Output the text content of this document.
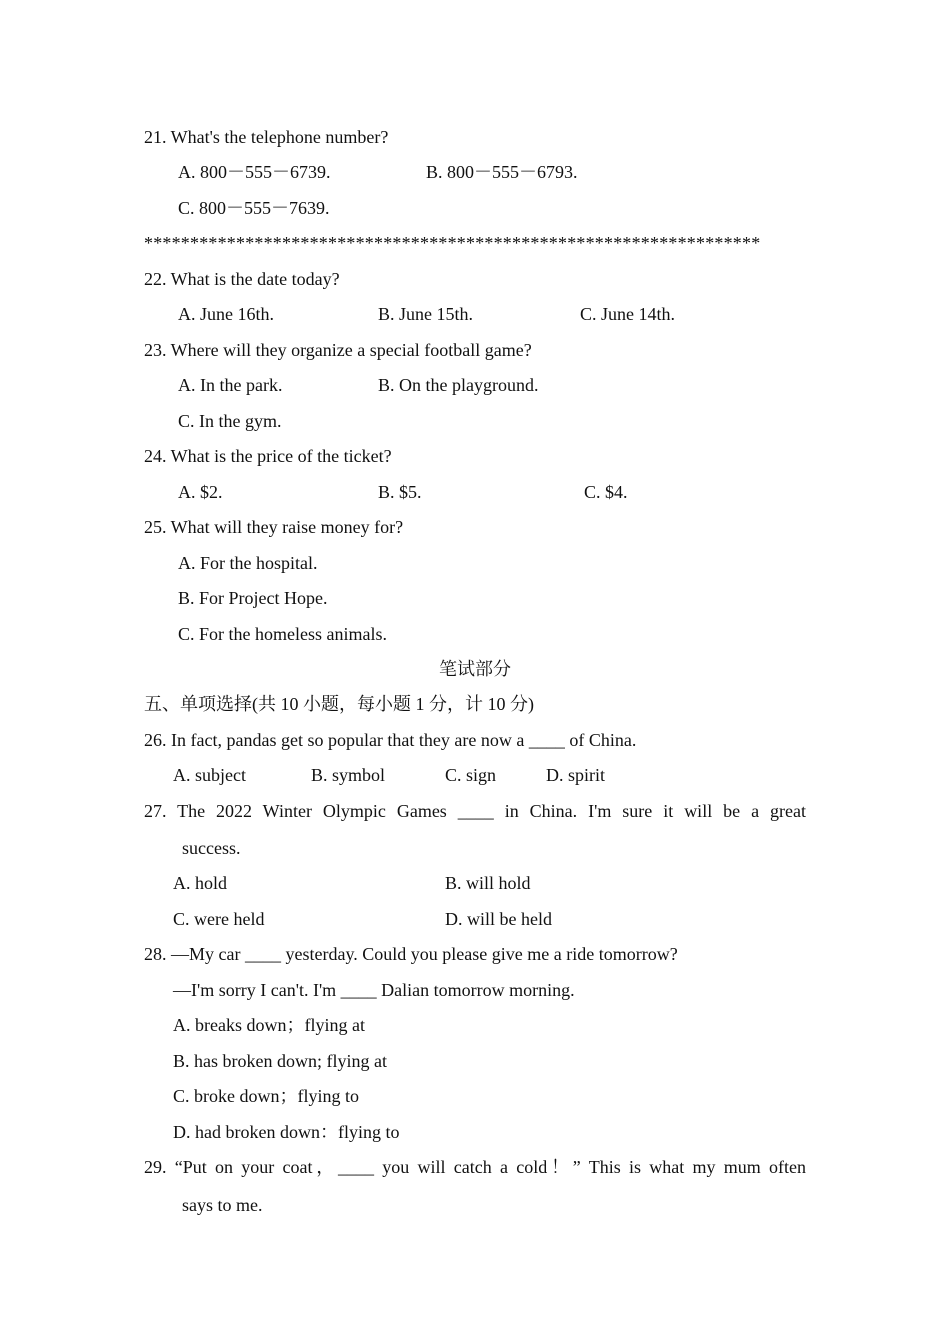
21. What's the telephone number?
A. 800－555－6739.	B. 800－555－6793.
C. 800－555－7639.
*******************************************************************
22. What is the date today?
A. June 16th.	B. June 15th.	C. June 14th.
23. Where will they organize a special football game?
A. In the park.	B. On the playground.
C. In the gym.
24. What is the price of the ticket?
A. $2.	B. $5.	C. $4.
25. What will they raise money for?
A. For the hospital.
B. For Project Hope.
C. For the homeless animals.
笔试部分
五、单项选择(共 10 小题，每小题 1 分，计 10 分)
26. In fact, pandas get so popular that they are now a ____ of China.
A. subject	B. symbol	C. sign	D. spirit
27. The 2022 Winter Olympic Games ____ in China. I'm sure it will be a great
success.
A. hold	B. will hold
C. were held	D. will be held
28. —My car ____ yesterday. Could you please give me a ride tomorrow?
—I'm sorry I can't. I'm ____ Dalian tomorrow morning.
A. breaks down；flying at
B. has broken down; flying at
C. broke down；flying to
D. had broken down：flying to
29. “Put on your coat，____ you will catch a cold！” This is what my mum often
says to me.
